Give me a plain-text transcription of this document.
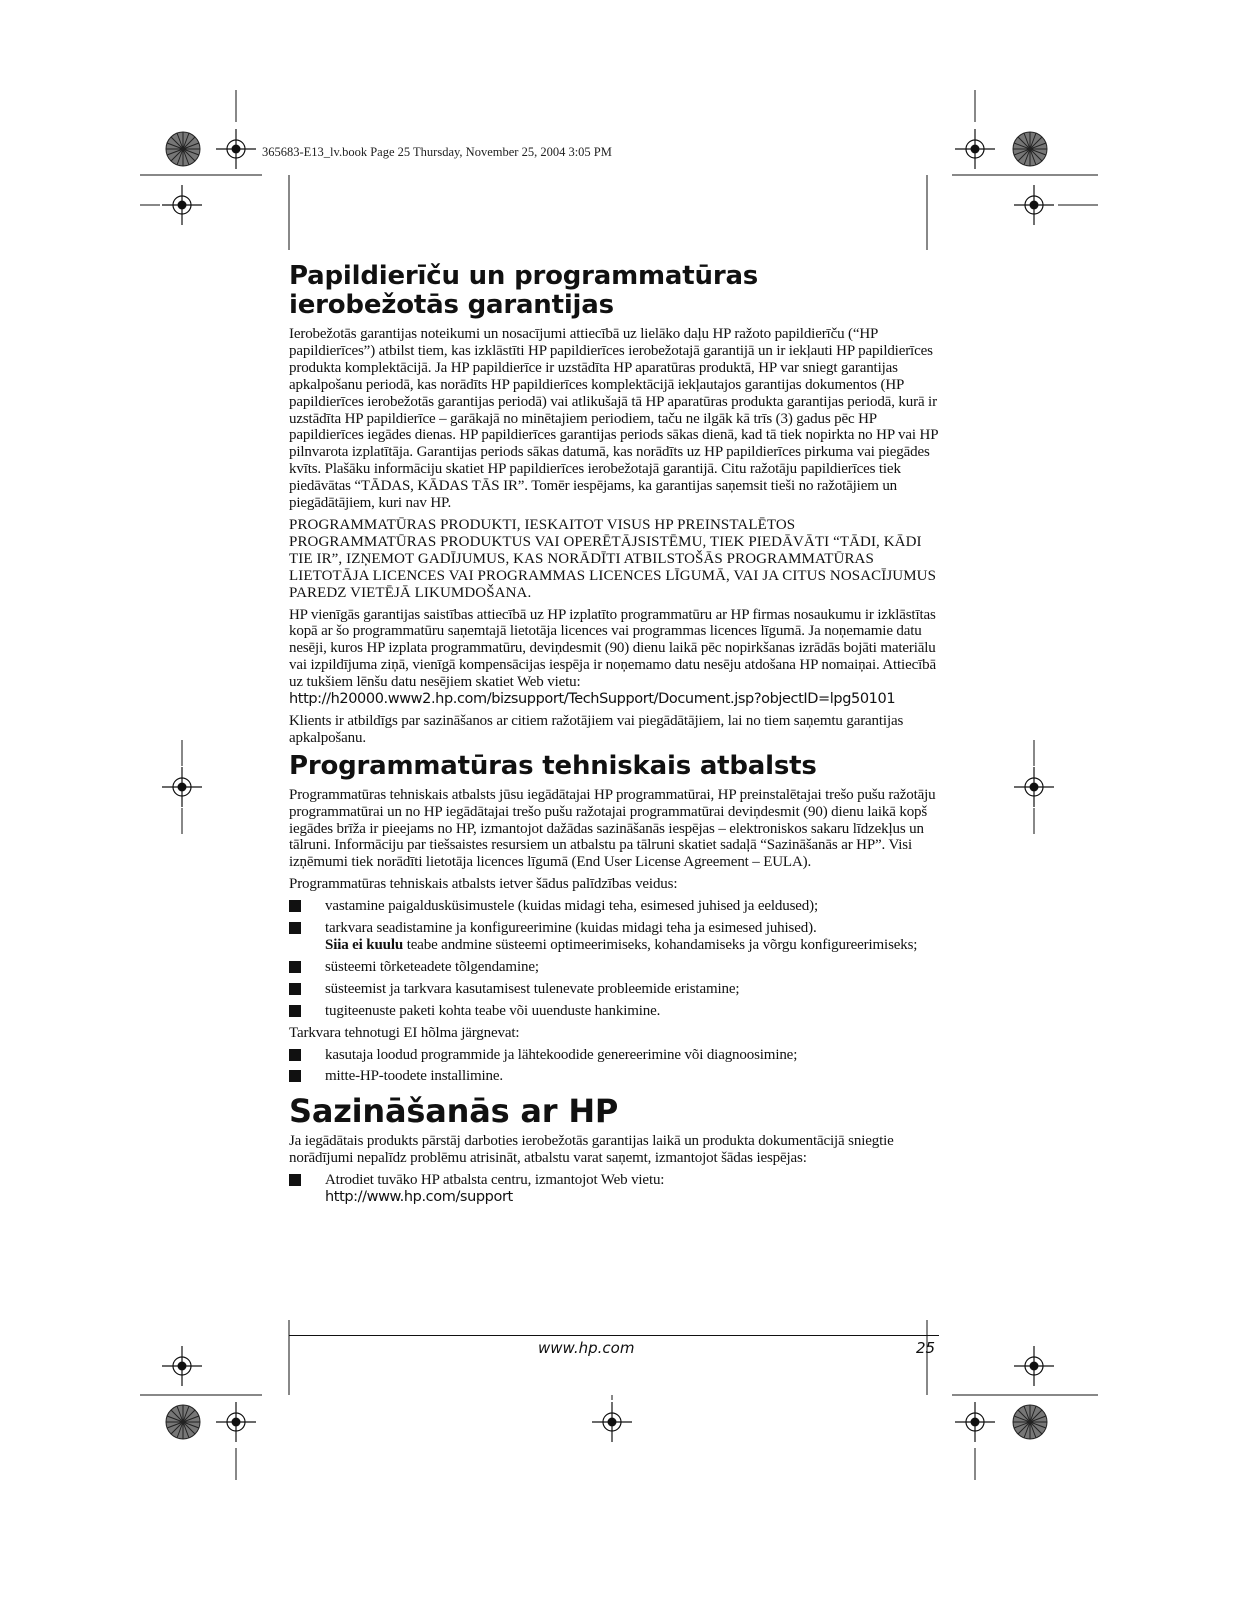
365683-E13_lv.book Page 25 Thursday, November 25, 2004 3:05 PM
Papildierīču un programmatūras
ierobežotās garantijas

Ierobežotās garantijas noteikumi un nosacījumi attiecībā uz lielāko daļu HP ražoto papildierīču (“HP papildierīces”) atbilst tiem, kas izklāstīti HP papildierīces ierobežotajā garantijā un ir iekļauti HP papildierīces produkta komplektācijā. Ja HP papildierīce ir uzstādīta HP aparatūras produktā, HP var sniegt garantijas apkalpošanu periodā, kas norādīts HP papildierīces komplektācijā iekļautajos garantijas dokumentos (HP papildierīces ierobežotās garantijas periodā) vai atlikušajā tā HP aparatūras produkta garantijas periodā, kurā ir uzstādīta HP papildierīce – garākajā no minētajiem periodiem, taču ne ilgāk kā trīs (3) gadus pēc HP papildierīces iegādes dienas. HP papildierīces garantijas periods sākas dienā, kad tā tiek nopirkta no HP vai HP pilnvarota izplatītāja. Garantijas periods sākas datumā, kas norādīts uz HP papildierīces pirkuma vai piegādes kvīts. Plašāku informāciju skatiet HP papildierīces ierobežotajā garantijā. Citu ražotāju papildierīces tiek piedāvātas “TĀDAS, KĀDAS TĀS IR”. Tomēr iespējams, ka garantijas saņemsit tieši no ražotājiem un piegādātājiem, kuri nav HP.

PROGRAMMATŪRAS PRODUKTI, IESKAITOT VISUS HP PREINSTALĒTOS PROGRAMMATŪRAS PRODUKTUS VAI OPERĒTĀJSISTĒMU, TIEK PIEDĀVĀTI “TĀDI, KĀDI TIE IR”, IZŅEMOT GADĪJUMUS, KAS NORĀDĪTI ATBILSTOŠĀS PROGRAMMATŪRAS LIETOTĀJA LICENCES VAI PROGRAMMAS LICENCES LĪGUMĀ, VAI JA CITUS NOSACĪJUMUS PAREDZ VIETĒJĀ LIKUMDOŠANA.

HP vienīgās garantijas saistības attiecībā uz HP izplatīto programmatūru ar HP firmas nosaukumu ir izklāstītas kopā ar šo programmatūru saņemtajā lietotāja licences vai programmas licences līgumā. Ja noņemamie datu nesēji, kuros HP izplata programmatūru, deviņdesmit (90) dienu laikā pēc nopirkšanas izrādās bojāti materiālu vai izpildījuma ziņā, vienīgā kompensācijas iespēja ir noņemamo datu nesēju atdošana HP nomaiņai. Attiecībā uz tukšiem lēnšu datu nesējiem skatiet Web vietu:
http://h20000.www2.hp.com/bizsupport/TechSupport/Document.jsp?objectID=lpg50101

Klients ir atbildīgs par sazināšanos ar citiem ražotājiem vai piegādātājiem, lai no tiem saņemtu garantijas apkalpošanu.

Programmatūras tehniskais atbalsts

Programmatūras tehniskais atbalsts jūsu iegādātajai HP programmatūrai, HP preinstalētajai trešo pušu ražotāju programmatūrai un no HP iegādātajai trešo pušu ražotajai programmatūrai deviņdesmit (90) dienu laikā kopš iegādes brīža ir pieejams no HP, izmantojot dažādas sazināšanās iespējas – elektroniskos sakaru līdzekļus un tālruni. Informāciju par tiešsaistes resursiem un atbalstu pa tālruni skatiet sadaļā “Sazināšanās ar HP”. Visi izņēmumi tiek norādīti lietotāja licences līgumā (End User License Agreement – EULA).

Programmatūras tehniskais atbalsts ietver šādus palīdzības veidus:

vastamine paigaldusküsimustele (kuidas midagi teha, esimesed juhised ja eeldused);
tarkvara seadistamine ja konfigureerimine (kuidas midagi teha ja esimesed juhised).
Siia ei kuulu teabe andmine süsteemi optimeerimiseks, kohandamiseks ja võrgu konfigureerimiseks;
süsteemi tõrketeadete tõlgendamine;
süsteemist ja tarkvara kasutamisest tulenevate probleemide eristamine;
tugiteenuste paketi kohta teabe või uuenduste hankimine.

Tarkvara tehnotugi EI hõlma järgnevat:

kasutaja loodud programmide ja lähtekoodide genereerimine või diagnoosimine;
mitte-HP-toodete installimine.
Sazināšanās ar HP

Ja iegādātais produkts pārstāj darboties ierobežotās garantijas laikā un produkta dokumentācijā sniegtie norādījumi nepalīdz problēmu atrisināt, atbalstu varat saņemt, izmantojot šādas iespējas:

Atrodiet tuvāko HP atbalsta centru, izmantojot Web vietu:

http://www.hp.com/support
www.hp.com	25
